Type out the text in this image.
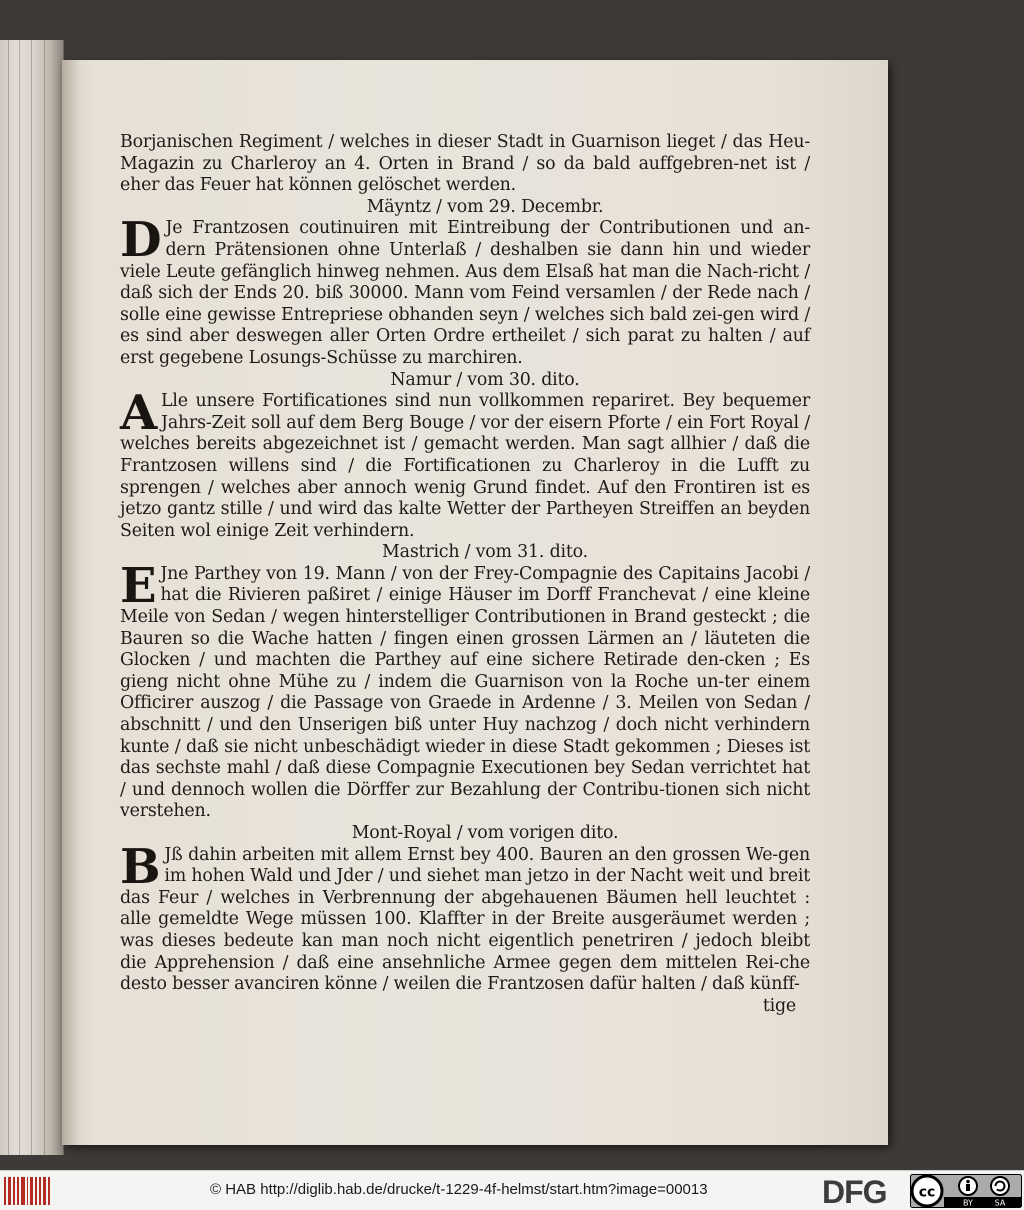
Borjanischen Regiment / welches in dieser Stadt in Guarnison lieget / das Heu-Magazin zu Charleroy an 4. Orten in Brand / so da bald auffgebren-net ist / eher das Feuer hat können gelöschet werden.

Mäyntz / vom 29. Decembr.

D Je Frantzosen coutinuiren mit Eintreibung der Contributionen und an-dern Prätensionen ohne Unterlaß / deshalben sie dann hin und wieder viele Leute gefänglich hinweg nehmen. Aus dem Elsaß hat man die Nach-richt / daß sich der Ends 20. biß 30000. Mann vom Feind versamlen / der Rede nach / solle eine gewisse Entrepriese obhanden seyn / welches sich bald zei-gen wird / es sind aber deswegen aller Orten Ordre ertheilet / sich parat zu halten / auf erst gegebene Losungs-Schüsse zu marchiren.

Namur / vom 30. dito.

A Lle unsere Fortificationes sind nun vollkommen repariret. Bey bequemer Jahrs-Zeit soll auf dem Berg Bouge / vor der eisern Pforte / ein Fort Royal / welches bereits abgezeichnet ist / gemacht werden. Man sagt allhier / daß die Frantzosen willens sind / die Fortificationen zu Charleroy in die Lufft zu sprengen / welches aber annoch wenig Grund findet. Auf den Frontiren ist es jetzo gantz stille / und wird das kalte Wetter der Partheyen Streiffen an beyden Seiten wol einige Zeit verhindern.

Mastrich / vom 31. dito.

E Jne Parthey von 19. Mann / von der Frey-Compagnie des Capitains Jacobi / hat die Rivieren paßiret / einige Häuser im Dorff Franchevat / eine kleine Meile von Sedan / wegen hinterstelliger Contributionen in Brand gesteckt ; die Bauren so die Wache hatten / fingen einen grossen Lärmen an / läuteten die Glocken / und machten die Parthey auf eine sichere Retirade den-cken ; Es gieng nicht ohne Mühe zu / indem die Guarnison von la Roche un-ter einem Officirer auszog / die Passage von Graede in Ardenne / 3. Meilen von Sedan / abschnitt / und den Unserigen biß unter Huy nachzog / doch nicht verhindern kunte / daß sie nicht unbeschädigt wieder in diese Stadt gekommen ; Dieses ist das sechste mahl / daß diese Compagnie Executionen bey Sedan verrichtet hat / und dennoch wollen die Dörffer zur Bezahlung der Contribu-tionen sich nicht verstehen.

Mont-Royal / vom vorigen dito.

B Jß dahin arbeiten mit allem Ernst bey 400. Bauren an den grossen We-gen im hohen Wald und Jder / und siehet man jetzo in der Nacht weit und breit das Feur / welches in Verbrennung der abgehauenen Bäumen hell leuchtet : alle gemeldte Wege müssen 100. Klaffter in der Breite ausgeräumet werden ; was dieses bedeute kan man noch nicht eigentlich penetriren / jedoch bleibt die Apprehension / daß eine ansehnliche Armee gegen dem mittelen Rei-che desto besser avanciren könne / weilen die Frantzosen dafür halten / daß künff-

tige
© HAB http://diglib.hab.de/drucke/t-1229-4f-helmst/start.htm?image=00013	DFG cc
BY	SA
